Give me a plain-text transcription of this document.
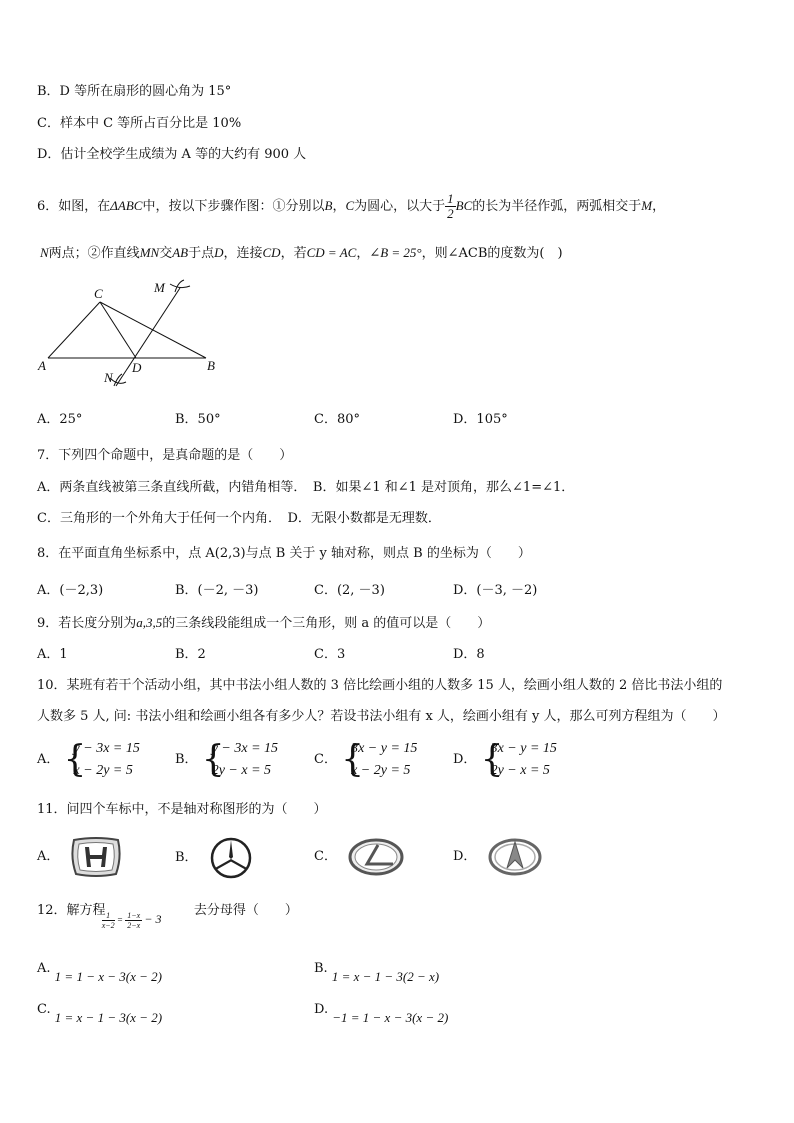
B．D 等所在扇形的圆心角为 15°
C．样本中 C 等所占百分比是 10%
D．估计全校学生成绩为 A 等的大约有 900 人
6．如图，在ΔABC中，按以下步骤作图：①分别以B，C为圆心，以大于 $\frac{1}{2}$ BC的长为半径作弧，两弧相交于M，
N两点；②作直线MN交AB于点D，连接CD，若CD = AC，∠B = 25°，则∠ACB的度数为(　)
A
C
B
D
M
N
A．25°	B．50°	C．80°	D．105°
7．下列四个命题中，是真命题的是（　　）
A．两条直线被第三条直线所截，内错角相等．　B．如果∠1 和∠1 是对顶角，那么∠1=∠1．
C．三角形的一个外角大于任何一个内角．　D．无限小数都是无理数．
8．在平面直角坐标系中，点 A(2,3)与点 B 关于 y 轴对称，则点 B 的坐标为（　　）
A．(－2,3)	B．(－2, －3)	C．(2, －3)	D．(－3, －2)
9．若长度分别为a,3,5的三条线段能组成一个三角形，则 a 的值可以是（　　）
A．1	B．2	C．3	D．8
10．某班有若干个活动小组，其中书法小组人数的 3 倍比绘画小组的人数多 15 人，绘画小组人数的 2 倍比书法小组的
人数多 5 人, 问: 书法小组和绘画小组各有多少人？若设书法小组有 x 人，绘画小组有 y 人，那么可列方程组为（　　）
A． {
y − 3x = 15
x − 2y = 5
B． {
y − 3x = 15
2y − x = 5
C． {
3x − y = 15
x − 2y = 5
D． {
3x − y = 15
2y − x = 5
11．问四个车标中，不是轴对称图形的为（　　）
A．	B．	C．	D．
12．解方程
$\frac{1}{x-2} = \frac{1-x}{2-x} - 3$
去分母得（　　）
A. 1 = 1 − x − 3(x − 2)
B. 1 = x − 1 − 3(2 − x)
C. 1 = x − 1 − 3(x − 2)
D. −1 = 1 − x − 3(x − 2)
